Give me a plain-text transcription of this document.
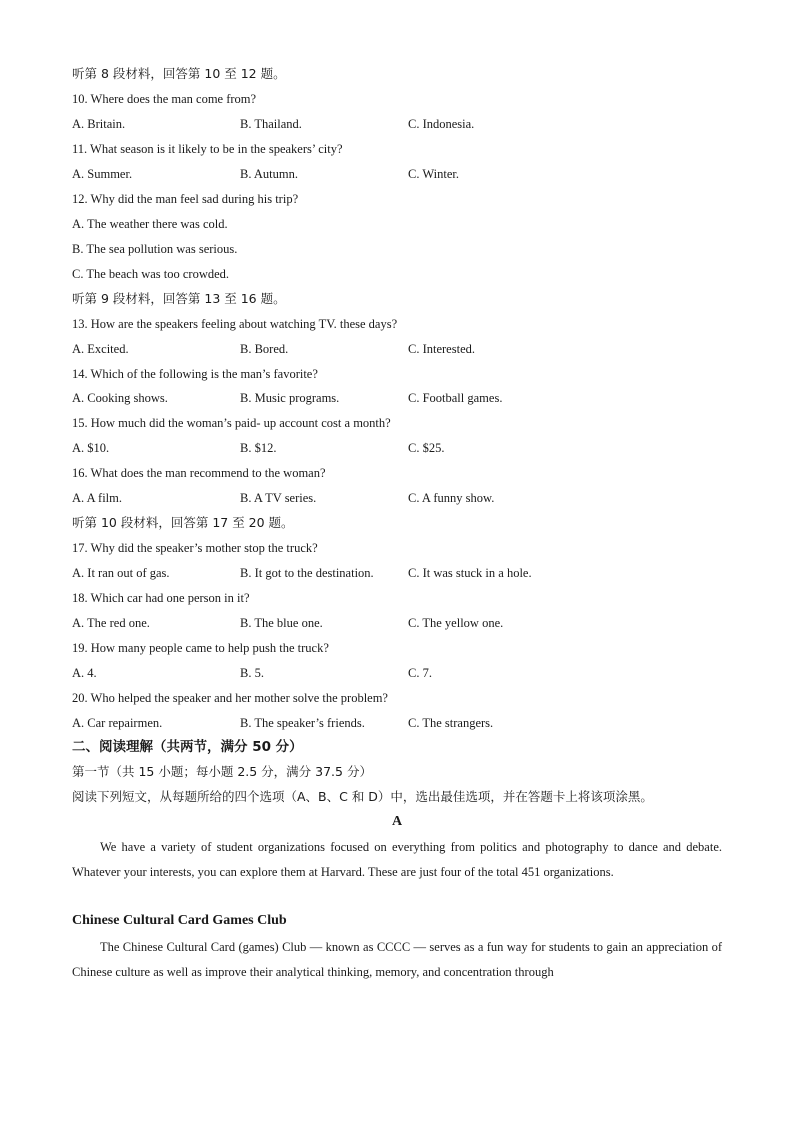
听第 8 段材料，回答第 10 至 12 题。
10. Where does the man come from?
A. Britain.	B. Thailand.	C. Indonesia.
11. What season is it likely to be in the speakers’ city?
A. Summer.	B. Autumn.	C. Winter.
12. Why did the man feel sad during his trip?
A. The weather there was cold.
B. The sea pollution was serious.
C. The beach was too crowded.
听第 9 段材料，回答第 13 至 16 题。
13. How are the speakers feeling about watching TV. these days?
A. Excited.	B. Bored.	C. Interested.
14. Which of the following is the man’s favorite?
A. Cooking shows.	B. Music programs.	C. Football games.
15. How much did the woman’s paid- up account cost a month?
A. $10.	B. $12.	C. $25.
16. What does the man recommend to the woman?
A. A film.	B. A TV series.	C. A funny show.
听第 10 段材料，回答第 17 至 20 题。
17. Why did the speaker’s mother stop the truck?
A. It ran out of gas.	B. It got to the destination.	C. It was stuck in a hole.
18. Which car had one person in it?
A. The red one.	B. The blue one.	C. The yellow one.
19. How many people came to help push the truck?
A. 4.	B. 5.	C. 7.
20. Who helped the speaker and her mother solve the problem?
A. Car repairmen.	B. The speaker’s friends.	C. The strangers.
二、阅读理解（共两节，满分 50 分）
第一节（共 15 小题；每小题 2.5 分，满分 37.5 分）
阅读下列短文，从每题所给的四个选项（A、B、C 和 D）中，选出最佳选项，并在答题卡上将该项涂黑。
A
We have a variety of student organizations focused on everything from politics and photography to dance and debate. Whatever your interests, you can explore them at Harvard. These are just four of the total 451 organizations.
Chinese Cultural Card Games Club
The Chinese Cultural Card (games) Club — known as CCCC — serves as a fun way for students to gain an appreciation of Chinese culture as well as improve their analytical thinking, memory, and concentration through
